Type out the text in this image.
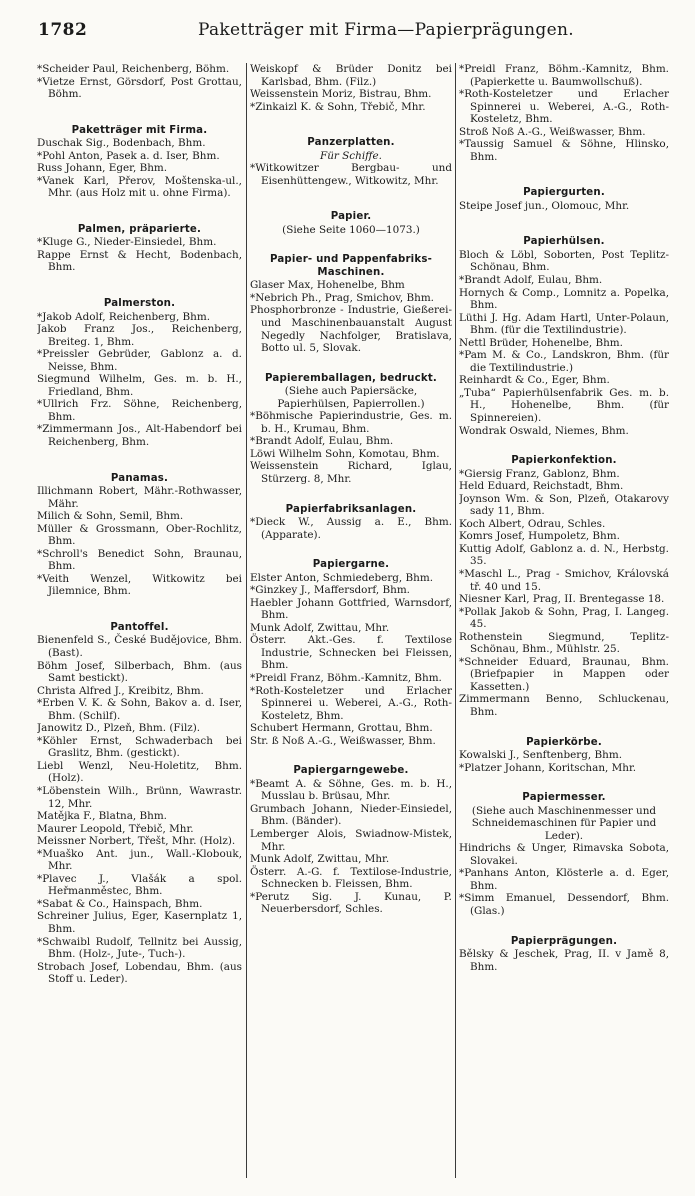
1782	Paketträger mit Firma—Papierprägungen.
*Scheider Paul, Reichenberg, Böhm.
*Vietze Ernst, Görsdorf, Post Grottau, Böhm.
Paketträger mit Firma.
Duschak Sig., Bodenbach, Bhm.
*Pohl Anton, Pasek a. d. Iser, Bhm.
Russ Johann, Eger, Bhm.
*Vanek Karl, Přerov, Moštenska-ul., Mhr. (aus Holz mit u. ohne Firma).
Palmen, präparierte.
*Kluge G., Nieder-Einsiedel, Bhm.
Rappe Ernst & Hecht, Bodenbach, Bhm.
Palmerston.
*Jakob Adolf, Reichenberg, Bhm.
Jakob Franz Jos., Reichenberg, Breiteg. 1, Bhm.
*Preissler Gebrüder, Gablonz a. d. Neisse, Bhm.
Siegmund Wilhelm, Ges. m. b. H., Friedland, Bhm.
*Ullrich Frz. Söhne, Reichenberg, Bhm.
*Zimmermann Jos., Alt-Habendorf bei Reichenberg, Bhm.
Panamas.
Illichmann Robert, Mähr.-Rothwasser, Mähr.
Milich & Sohn, Semil, Bhm.
Müller & Grossmann, Ober-Rochlitz, Bhm.
*Schroll's Benedict Sohn, Braunau, Bhm.
*Veith Wenzel, Witkowitz bei Jilemnice, Bhm.
Pantoffel.
Bienenfeld S., České Budějovice, Bhm. (Bast).
Böhm Josef, Silberbach, Bhm. (aus Samt bestickt).
Christa Alfred J., Kreibitz, Bhm.
*Erben V. K. & Sohn, Bakov a. d. Iser, Bhm. (Schilf).
Janowitz D., Plzeň, Bhm. (Filz).
*Köhler Ernst, Schwaderbach bei Graslitz, Bhm. (gestickt).
Liebl Wenzl, Neu-Holetitz, Bhm. (Holz).
*Löbenstein Wilh., Brünn, Wawrastr. 12, Mhr.
Matějka F., Blatna, Bhm.
Maurer Leopold, Třebič, Mhr.
Meissner Norbert, Třešt, Mhr. (Holz).
*Muaško Ant. jun., Wall.-Klobouk, Mhr.
*Plavec J., Vlašák a spol. Heřmanměstec, Bhm.
*Sabat & Co., Hainspach, Bhm.
Schreiner Julius, Eger, Kasernplatz 1, Bhm.
*Schwaibl Rudolf, Tellnitz bei Aussig, Bhm. (Holz-, Jute-, Tuch-).
Strobach Josef, Lobendau, Bhm. (aus Stoff u. Leder).
Weiskopf & Brüder Donitz bei Karlsbad, Bhm. (Filz.)
Weissenstein Moriz, Bistrau, Bhm.
*Zinkaizl K. & Sohn, Třebič, Mhr.
Panzerplatten.
Für Schiffe.
*Witkowitzer Bergbau- und Eisenhüttengew., Witkowitz, Mhr.
Papier.
(Siehe Seite 1060—1073.)
Papier- und Pappenfabriks-Maschinen.
Glaser Max, Hohenelbe, Bhm
*Nebrich Ph., Prag, Smichov, Bhm.
Phosphorbronze - Industrie, Gießerei- und Maschinenbauanstalt August Negedly Nachfolger, Bratislava, Botto ul. 5, Slovak.
Papieremballagen, bedruckt.
(Siehe auch Papiersäcke, Papierhülsen, Papierrollen.)
*Böhmische Papierindustrie, Ges. m. b. H., Krumau, Bhm.
*Brandt Adolf, Eulau, Bhm.
Löwi Wilhelm Sohn, Komotau, Bhm.
Weissenstein Richard, Iglau, Stürzerg. 8, Mhr.
Papierfabriksanlagen.
*Dieck W., Aussig a. E., Bhm. (Apparate).
Papiergarne.
Elster Anton, Schmiedeberg, Bhm.
*Ginzkey J., Maffersdorf, Bhm.
Haebler Johann Gottfried, Warnsdorf, Bhm.
Munk Adolf, Zwittau, Mhr.
Österr. Akt.-Ges. f. Textilose Industrie, Schnecken bei Fleissen, Bhm.
*Preidl Franz, Böhm.-Kamnitz, Bhm.
*Roth-Kosteletzer und Erlacher Spinnerei u. Weberei, A.-G., Roth-Kosteletz, Bhm.
Schubert Hermann, Grottau, Bhm.
Str. ß Noß A.-G., Weißwasser, Bhm.
Papiergarngewebe.
*Beamt A. & Söhne, Ges. m. b. H., Musslau b. Brüsau, Mhr.
Grumbach Johann, Nieder-Einsiedel, Bhm. (Bänder).
Lemberger Alois, Swiadnow-Mistek, Mhr.
Munk Adolf, Zwittau, Mhr.
Österr. A.-G. f. Textilose-Industrie, Schnecken b. Fleissen, Bhm.
*Perutz Sig. J. Kunau, P. Neuerbersdorf, Schles.
*Preidl Franz, Böhm.-Kamnitz, Bhm. (Papierkette u. Baumwollschuß).
*Roth-Kosteletzer und Erlacher Spinnerei u. Weberei, A.-G., Roth-Kosteletz, Bhm.
Stroß Noß A.-G., Weißwasser, Bhm.
*Taussig Samuel & Söhne, Hlinsko, Bhm.
Papiergurten.
Steipe Josef jun., Olomouc, Mhr.
Papierhülsen.
Bloch & Löbl, Soborten, Post Teplitz-Schönau, Bhm.
*Brandt Adolf, Eulau, Bhm.
Hornych & Comp., Lomnitz a. Popelka, Bhm.
Lüthi J. Hg. Adam Hartl, Unter-Polaun, Bhm. (für die Textilindustrie).
Nettl Brüder, Hohenelbe, Bhm.
*Pam M. & Co., Landskron, Bhm. (für die Textilindustrie.)
Reinhardt & Co., Eger, Bhm.
„Tuba“ Papierhülsenfabrik Ges. m. b. H., Hohenelbe, Bhm. (für Spinnereien).
Wondrak Oswald, Niemes, Bhm.
Papierkonfektion.
*Giersig Franz, Gablonz, Bhm.
Held Eduard, Reichstadt, Bhm.
Joynson Wm. & Son, Plzeň, Otakarovy sady 11, Bhm.
Koch Albert, Odrau, Schles.
Komrs Josef, Humpoletz, Bhm.
Kuttig Adolf, Gablonz a. d. N., Herbstg. 35.
*Maschl L., Prag - Smichov, Královská tř. 40 und 15.
Niesner Karl, Prag, II. Brentegasse 18.
*Pollak Jakob & Sohn, Prag, I. Langeg. 45.
Rothenstein Siegmund, Teplitz-Schönau, Bhm., Mühlstr. 25.
*Schneider Eduard, Braunau, Bhm. (Briefpapier in Mappen oder Kassetten.)
Zimmermann Benno, Schluckenau, Bhm.
Papierkörbe.
Kowalski J., Senftenberg, Bhm.
*Platzer Johann, Koritschan, Mhr.
Papiermesser.
(Siehe auch Maschinenmesser und Schneidemaschinen für Papier und Leder).
Hindrichs & Unger, Rimavska Sobota, Slovakei.
*Panhans Anton, Klösterle a. d. Eger, Bhm.
*Simm Emanuel, Dessendorf, Bhm. (Glas.)
Papierprägungen.
Bělsky & Jeschek, Prag, II. v Jamě 8, Bhm.
